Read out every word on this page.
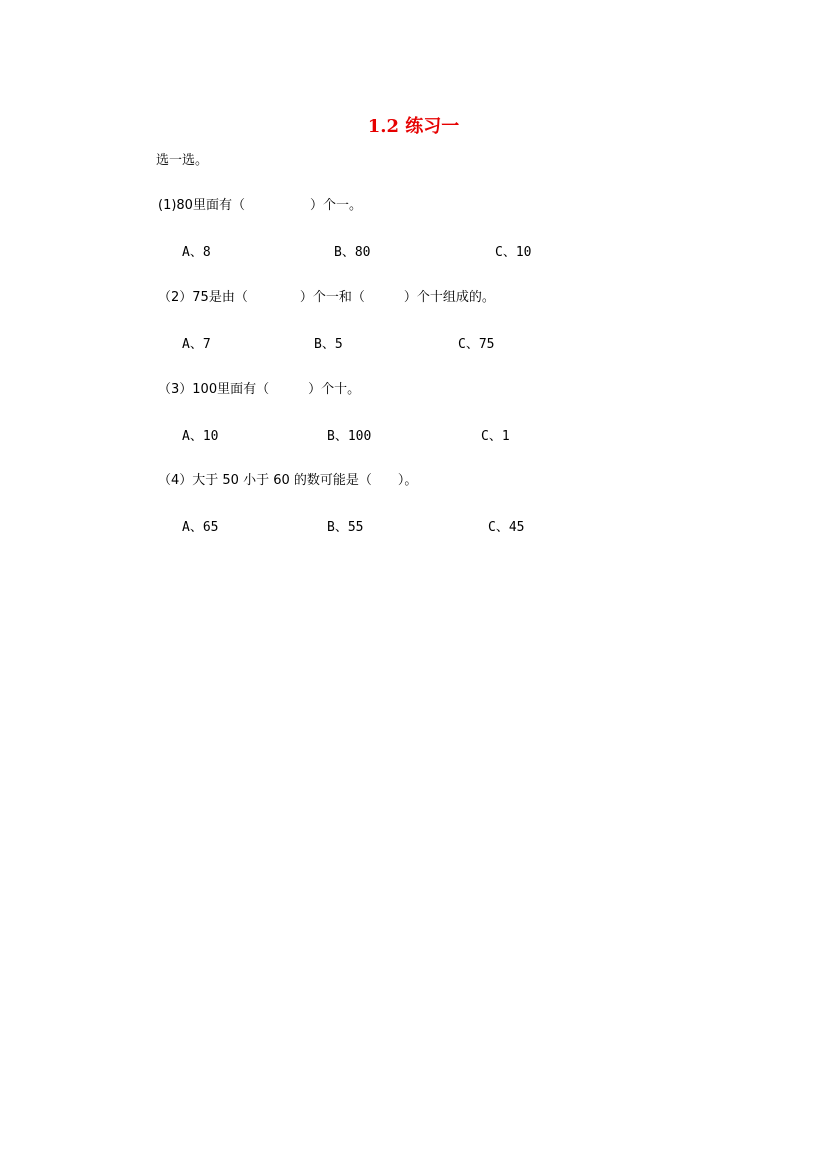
1.2 练习一
选一选。
(1)80里面有（　　　　　）个一。
A、8	B、80	C、10
（2）75是由（　　　　）个一和（　　　）个十组成的。
A、7	B、5	C、75
（3）100里面有（　　　）个十。
A、10	B、100	C、1
（4）大于 50 小于 60 的数可能是（　　）。
A、65	B、55	C、45
